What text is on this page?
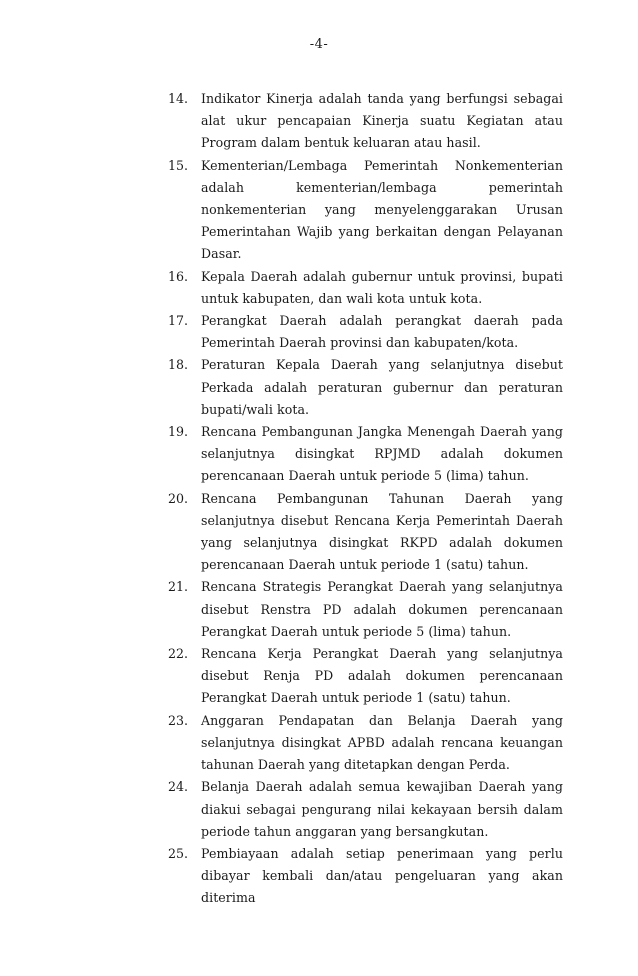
-4-
14.	Indikator Kinerja adalah tanda yang berfungsi sebagai alat ukur pencapaian Kinerja suatu Kegiatan atau Program dalam bentuk keluaran atau hasil.

15.	Kementerian/Lembaga Pemerintah Nonkementerian adalah kementerian/lembaga pemerintah nonkementerian yang menyelenggarakan Urusan Pemerintahan Wajib yang berkaitan dengan Pelayanan Dasar.

16.	Kepala Daerah adalah gubernur untuk provinsi, bupati untuk kabupaten, dan wali kota untuk kota.

17.	Perangkat Daerah adalah perangkat daerah pada Pemerintah Daerah provinsi dan kabupaten/kota.

18.	Peraturan Kepala Daerah yang selanjutnya disebut Perkada adalah peraturan gubernur dan peraturan bupati/wali kota.

19.	Rencana Pembangunan Jangka Menengah Daerah yang selanjutnya disingkat RPJMD adalah dokumen perencanaan Daerah untuk periode 5 (lima) tahun.

20.	Rencana Pembangunan Tahunan Daerah yang selanjutnya disebut Rencana Kerja Pemerintah Daerah yang selanjutnya disingkat RKPD adalah dokumen perencanaan Daerah untuk periode 1 (satu) tahun.

21.	Rencana Strategis Perangkat Daerah yang selanjutnya disebut Renstra PD adalah dokumen perencanaan Perangkat Daerah untuk periode 5 (lima) tahun.

22.	Rencana Kerja Perangkat Daerah yang selanjutnya disebut Renja PD adalah dokumen perencanaan Perangkat Daerah untuk periode 1 (satu) tahun.

23.	Anggaran Pendapatan dan Belanja Daerah yang selanjutnya disingkat APBD adalah rencana keuangan tahunan Daerah yang ditetapkan dengan Perda.

24.	Belanja Daerah adalah semua kewajiban Daerah yang diakui sebagai pengurang nilai kekayaan bersih dalam periode tahun anggaran yang bersangkutan.

25.	Pembiayaan adalah setiap penerimaan yang perlu dibayar kembali dan/atau pengeluaran yang akan diterima
